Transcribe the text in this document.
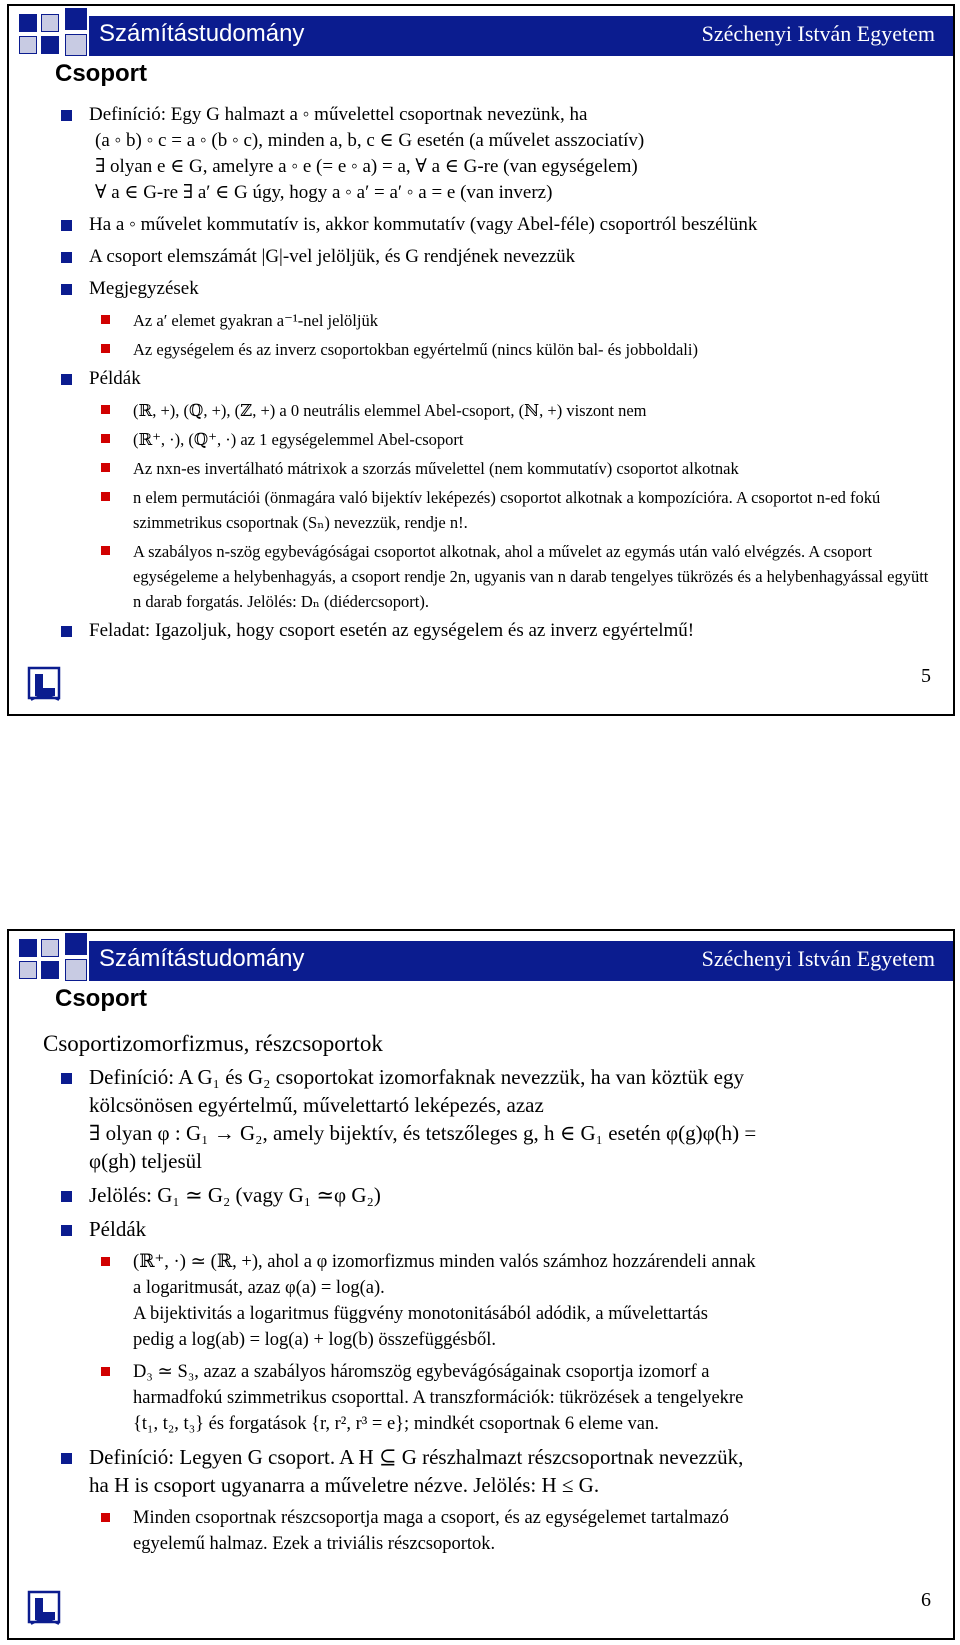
Számítástudomány	Széchenyi István Egyetem
Csoport
Definíció: Egy G halmazt a ◦ művelettel csoportnak nevezünk, ha
(a ◦ b) ◦ c = a ◦ (b ◦ c), minden a, b, c ∈ G esetén (a művelet asszociatív)
∃ olyan e ∈ G, amelyre a ◦ e (= e ◦ a) = a, ∀ a ∈ G-re (van egységelem)
∀ a ∈ G-re ∃ a′ ∈ G úgy, hogy a ◦ a′ = a′ ◦ a = e (van inverz)
Ha a ◦ művelet kommutatív is, akkor kommutatív (vagy Abel-féle) csoportról beszélünk
A csoport elemszámát |G|-vel jelöljük, és G rendjének nevezzük
Megjegyzések
Az a′ elemet gyakran a⁻¹-nel jelöljük
Az egységelem és az inverz csoportokban egyértelmű (nincs külön bal- és jobboldali)
Példák
(ℝ, +), (ℚ, +), (ℤ, +) a 0 neutrális elemmel Abel-csoport, (ℕ, +) viszont nem
(ℝ⁺, ·), (ℚ⁺, ·) az 1 egységelemmel Abel-csoport
Az nxn-es invertálható mátrixok a szorzás művelettel (nem kommutatív) csoportot alkotnak
n elem permutációi (önmagára való bijektív leképezés) csoportot alkotnak a kompozícióra. A csoportot n-ed fokú szimmetrikus csoportnak (Sₙ) nevezzük, rendje n!.
A szabályos n-szög egybevágóságai csoportot alkotnak, ahol a művelet az egymás után való elvégzés. A csoport egységeleme a helybenhagyás, a csoport rendje 2n, ugyanis van n darab tengelyes tükrözés és a helybenhagyással együtt n darab forgatás. Jelölés: Dₙ (diédercsoport).
Feladat: Igazoljuk, hogy csoport esetén az egységelem és az inverz egyértelmű!
5
Számítástudomány	Széchenyi István Egyetem
Csoport
Csoportizomorfizmus, részcsoportok
Definíció: A G₁ és G₂ csoportokat izomorfaknak nevezzük, ha van köztük egy
kölcsönösen egyértelmű, művelettartó leképezés, azaz
∃ olyan φ : G₁ → G₂, amely bijektív, és tetszőleges g, h ∈ G₁ esetén φ(g)φ(h) =
φ(gh) teljesül
Jelölés: G₁ ≃ G₂ (vagy G₁ ≃φ G₂)
Példák
(ℝ⁺, ·) ≃ (ℝ, +), ahol a φ izomorfizmus minden valós számhoz hozzárendeli annak
a logaritmusát, azaz φ(a) = log(a).
A bijektivitás a logaritmus függvény monotonitásából adódik, a művelettartás
pedig a log(ab) = log(a) + log(b) összefüggésből.
D₃ ≃ S₃, azaz a szabályos háromszög egybevágóságainak csoportja izomorf a
harmadfokú szimmetrikus csoporttal. A transzformációk: tükrözések a tengelyekre
{t₁, t₂, t₃} és forgatások {r, r², r³ = e}; mindkét csoportnak 6 eleme van.
Definíció: Legyen G csoport. A H ⊆ G részhalmazt részcsoportnak nevezzük,
ha H is csoport ugyanarra a műveletre nézve. Jelölés: H ≤ G.
Minden csoportnak részcsoportja maga a csoport, és az egységelemet tartalmazó
egyelemű halmaz. Ezek a triviális részcsoportok.
6
